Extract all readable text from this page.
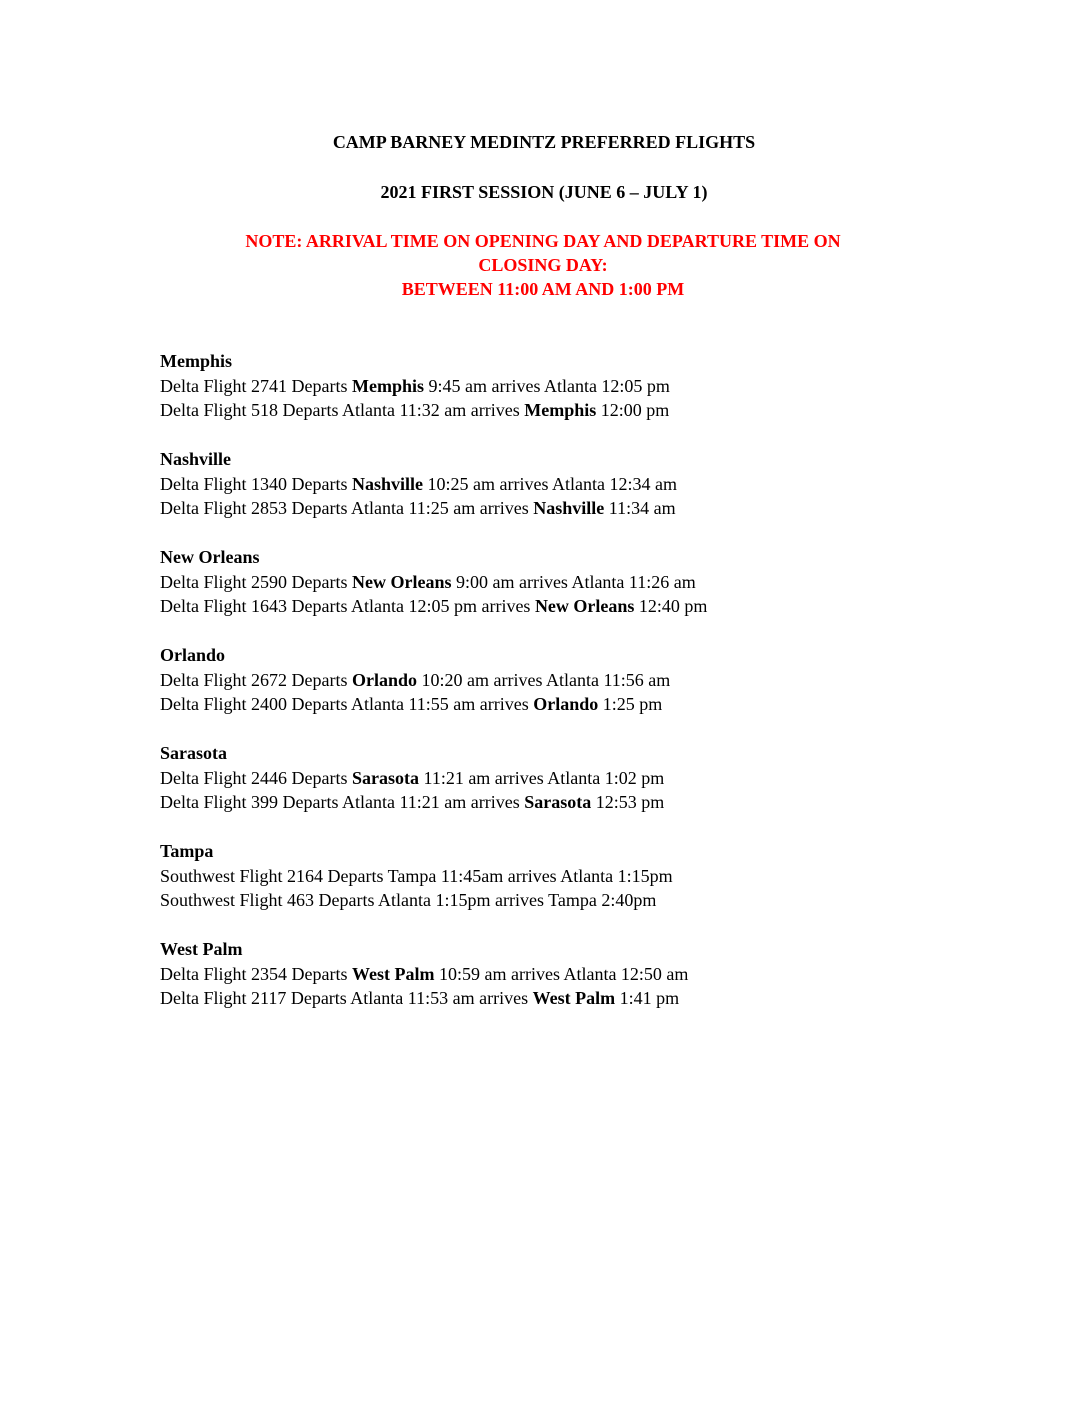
CAMP BARNEY MEDINTZ PREFERRED FLIGHTS
2021 FIRST SESSION (JUNE 6 – JULY 1)
NOTE: ARRIVAL TIME ON OPENING DAY AND DEPARTURE TIME ON
CLOSING DAY:
BETWEEN 11:00 AM AND 1:00 PM
Memphis
Delta Flight 2741 Departs Memphis 9:45 am arrives Atlanta 12:05 pm
Delta Flight 518 Departs Atlanta 11:32 am arrives Memphis 12:00 pm
Nashville
Delta Flight 1340 Departs Nashville 10:25 am arrives Atlanta 12:34 am
Delta Flight 2853 Departs Atlanta 11:25 am arrives Nashville 11:34 am
New Orleans
Delta Flight 2590 Departs New Orleans 9:00 am arrives Atlanta 11:26 am
Delta Flight 1643 Departs Atlanta 12:05 pm arrives New Orleans 12:40 pm
Orlando
Delta Flight 2672 Departs Orlando 10:20 am arrives Atlanta 11:56 am
Delta Flight 2400 Departs Atlanta 11:55 am arrives Orlando 1:25 pm
Sarasota
Delta Flight 2446 Departs Sarasota 11:21 am arrives Atlanta 1:02 pm
Delta Flight 399 Departs Atlanta 11:21 am arrives Sarasota 12:53 pm
Tampa
Southwest Flight 2164 Departs Tampa 11:45am arrives Atlanta 1:15pm
Southwest Flight 463 Departs Atlanta 1:15pm arrives Tampa 2:40pm
West Palm
Delta Flight 2354 Departs West Palm 10:59 am arrives Atlanta 12:50 am
Delta Flight 2117 Departs Atlanta 11:53 am arrives West Palm 1:41 pm
